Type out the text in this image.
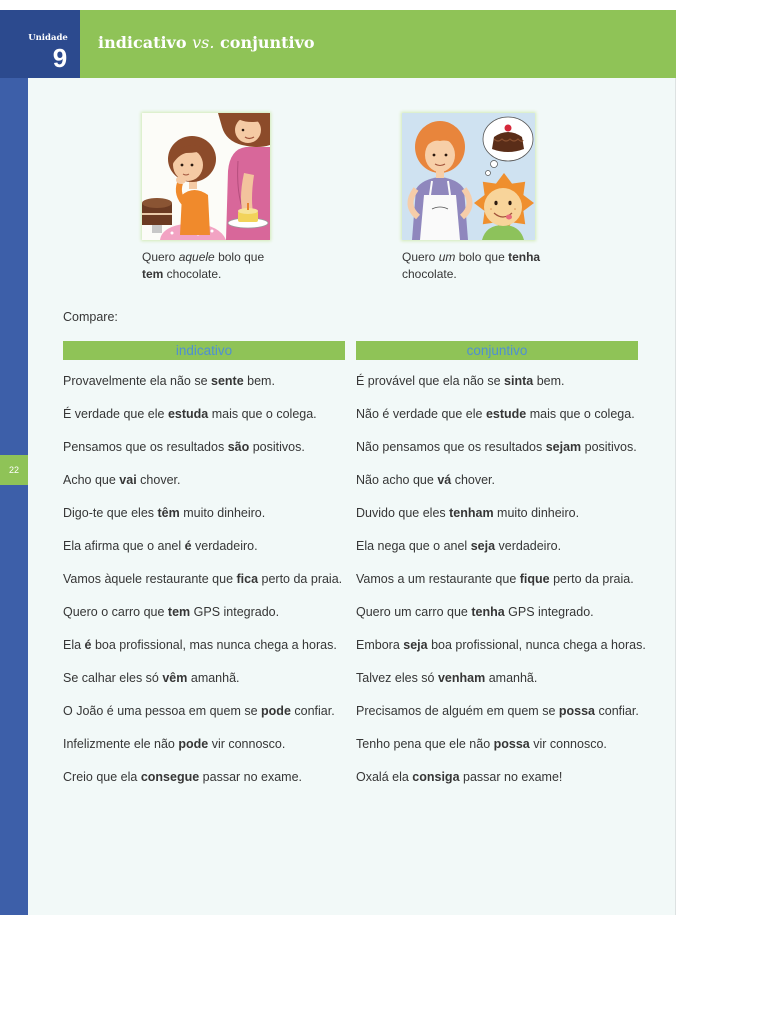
Unidade
9
indicativo vs. conjuntivo
22
Quero aquele bolo que
tem chocolate.
Quero um bolo que tenha
chocolate.
Compare:
indicativo	conjuntivo
Provavelmente ela não se sente bem.
É verdade que ele estuda mais que o colega.
Pensamos que os resultados são positivos.
Acho que vai chover.
Digo-te que eles têm muito dinheiro.
Ela afirma que o anel é verdadeiro.
Vamos àquele restaurante que fica perto da praia.
Quero o carro que tem GPS integrado.
Ela é boa profissional, mas nunca chega a horas.
Se calhar eles só vêm amanhã.
O João é uma pessoa em quem se pode confiar.
Infelizmente ele não pode vir connosco.
Creio que ela consegue passar no exame.
É provável que ela não se sinta bem.
Não é verdade que ele estude mais que o colega.
Não pensamos que os resultados sejam positivos.
Não acho que vá chover.
Duvido que eles tenham muito dinheiro.
Ela nega que o anel seja verdadeiro.
Vamos a um restaurante que fique perto da praia.
Quero um carro que tenha GPS integrado.
Embora seja boa profissional, nunca chega a horas.
Talvez eles só venham amanhã.
Precisamos de alguém em quem se possa confiar.
Tenho pena que ele não possa vir connosco.
Oxalá ela consiga passar no exame!
